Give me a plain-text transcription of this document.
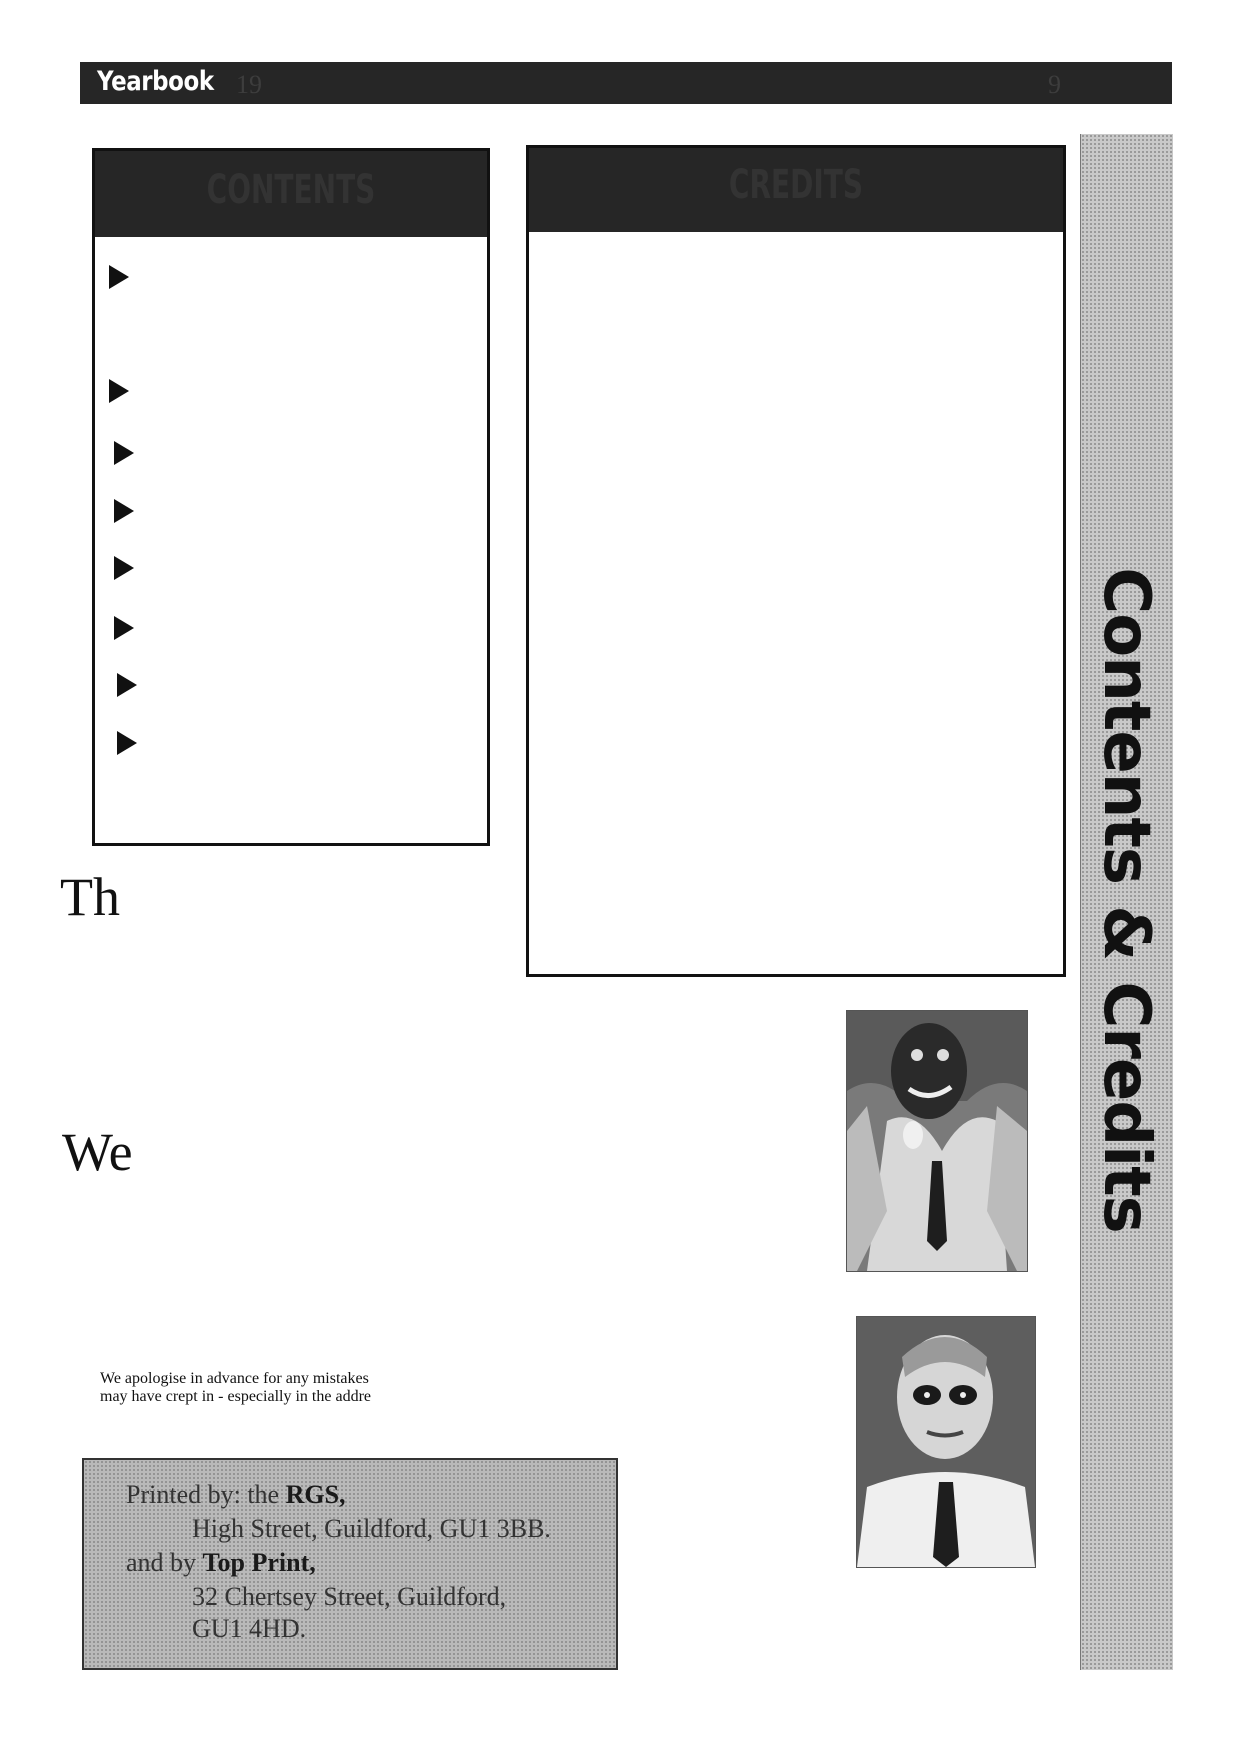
Yearbook 19	9
CONTENTS	CREDITS
Contents & Credits
Th
We
We apologise in advance for any mistakes
may have crept in - especially in the addre
Printed by: the RGS,
High Street, Guildford, GU1 3BB.
and by Top Print,
32 Chertsey Street, Guildford,
GU1 4HD.
